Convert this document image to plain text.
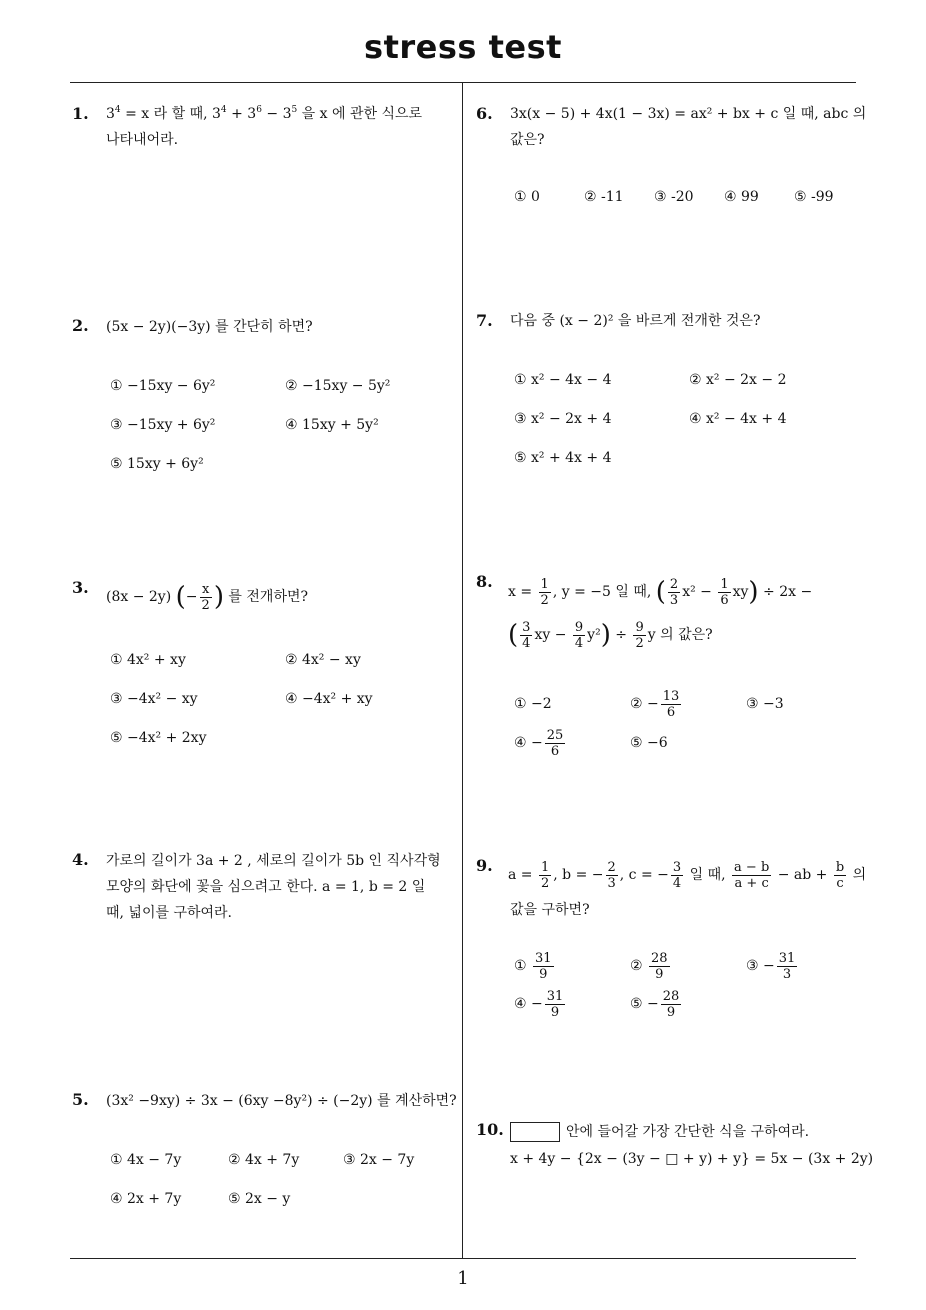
stress test
1. $3^4 = x$ 라 할 때, $3^4 + 3^6 - 3^5$ 을 x 에 관한 식으로
나타내어라.
2. (5x − 2y)(−3y) 를 간단히 하면?
① −15xy − 6y²	② −15xy − 5y²
③ −15xy + 6y²	④ 15xy + 5y²
⑤ 15xy + 6y²
3. (8x − 2y) (− $\frac{x}{2}$ ) 를 전개하면?
① 4x² + xy	② 4x² − xy
③ −4x² − xy	④ −4x² + xy
⑤ −4x² + 2xy
4. 가로의 길이가 3a + 2 , 세로의 길이가 5b 인 직사각형
모양의 화단에 꽃을 심으려고 한다. a = 1, b = 2 일
때, 넓이를 구하여라.
5. (3x² −9xy) ÷ 3x − (6xy −8y²) ÷ (−2y) 를 계산하면?
① 4x − 7y	② 4x + 7y	③ 2x − 7y
④ 2x + 7y	⑤ 2x − y
6. 3x(x − 5) + 4x(1 − 3x) = ax² + bx + c 일 때, abc 의
값은?
① 0	② -11 ③ -20 ④ 99	⑤ -99
7. 다음 중 (x − 2)² 을 바르게 전개한 것은?
① x² − 4x − 4	② x² − 2x − 2
③ x² − 2x + 4	④ x² − 4x + 4
⑤ x² + 4x + 4
8.
$x = \frac{1}{2}$ , y = −5 일 때, ( $\frac{2}{3} x^2 - \frac{1}{6} xy) \div 2x$ −
( $\frac{3}{4}$ xy − $\frac{9}{4} y^2) \div \frac{9}{2}$ y 의 값은?
① −2	② − $\frac{13}{6}$	③ −3
④ − $\frac{25}{6}$	⑤ −6
9. $a = \frac{1}{2}$ , b = − $\frac{2}{3}$ , c = − $\frac{3}{4}$ 일 때, $\frac{a - b}{a + c}$ − ab + $\frac{b}{c}$ 의
값을 구하면?
① $\frac{31}{9}$	② $\frac{28}{9}$	③ − $\frac{31}{3}$
④ − $\frac{31}{9}$	⑤ − $\frac{28}{9}$
10.	안에 들어갈 가장 간단한 식을 구하여라.
x + 4y − {2x − (3y − □ + y) + y} = 5x − (3x + 2y)
1
